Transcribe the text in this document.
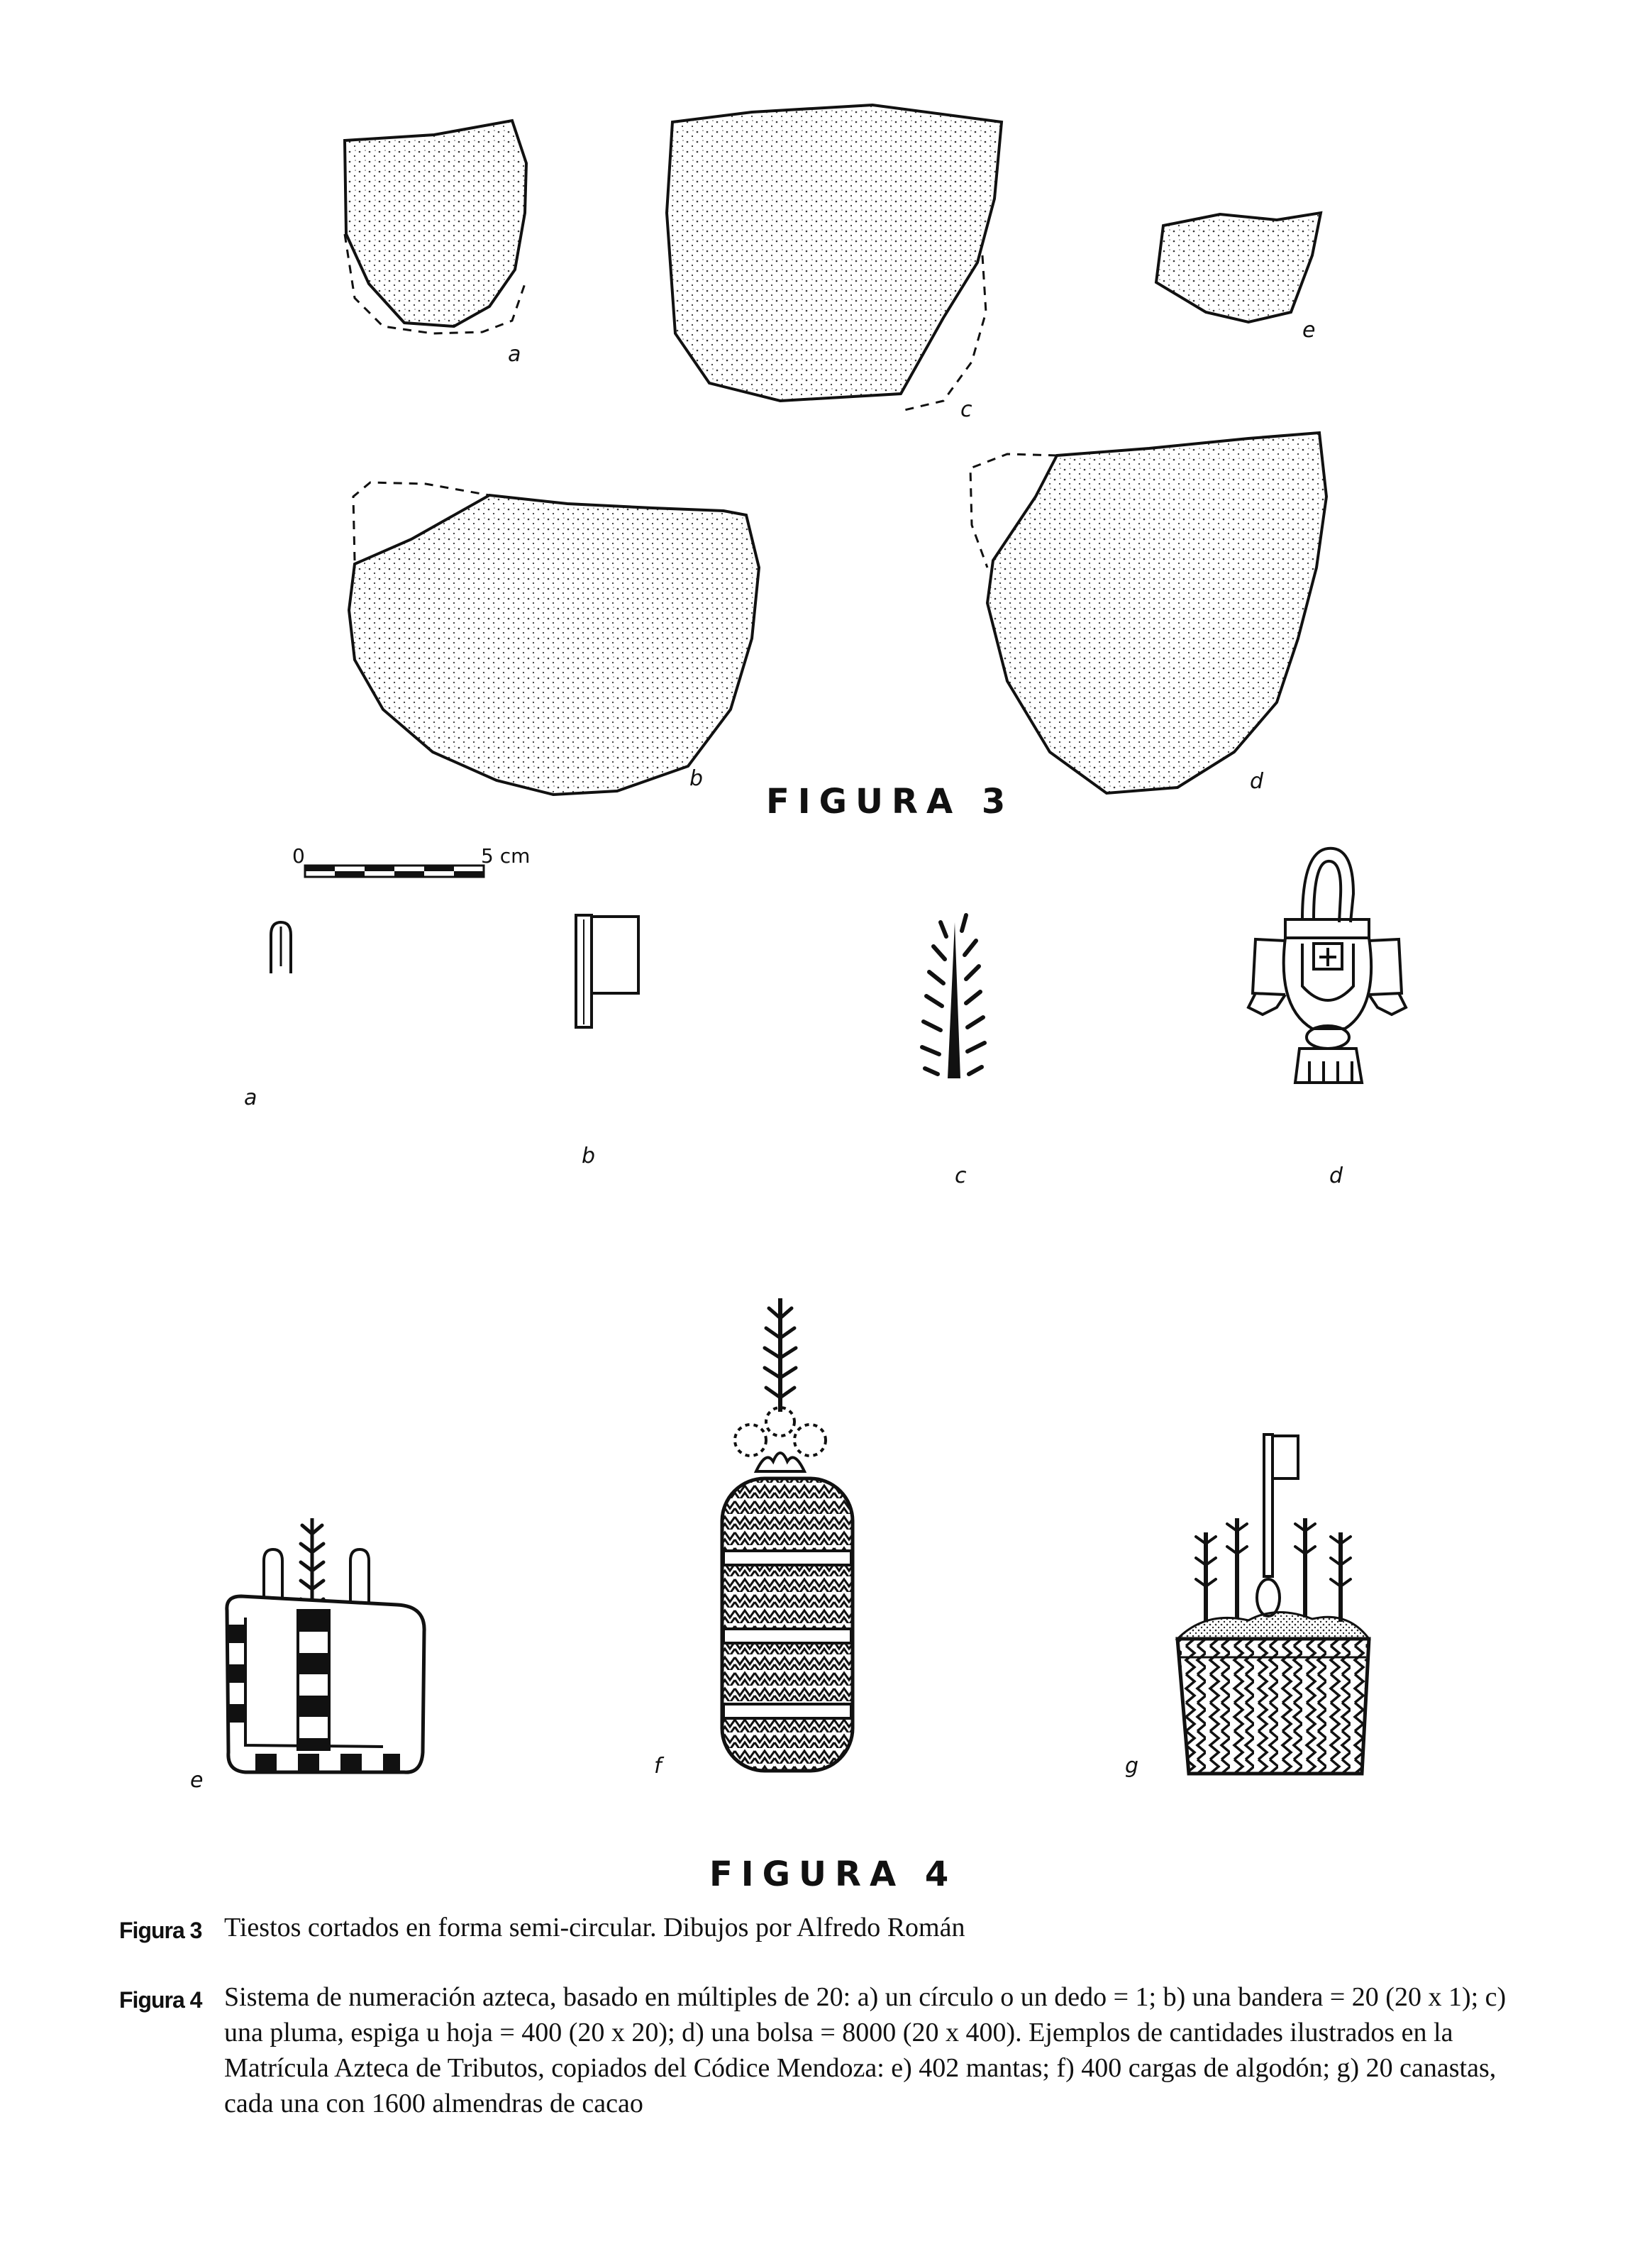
a
c
e
b	d
FIGURA 3
0	5 cm
a
b
c	d
e
f	g
FIGURA 4
Figura 3 Tiestos cortados en forma semi-circular. Dibujos por Alfredo Román
Figura 4 Sistema de numeración azteca, basado en múltiples de 20: a) un círculo o un dedo = 1; b) una bandera = 20 (20 x 1); c) una pluma, espiga u hoja = 400 (20 x 20); d) una bolsa = 8000 (20 x 400). Ejemplos de cantidades ilustrados en la Matrícula Azteca de Tributos, copiados del Códice Mendoza: e) 402 mantas; f) 400 cargas de algodón; g) 20 canastas, cada una con 1600 almendras de cacao
